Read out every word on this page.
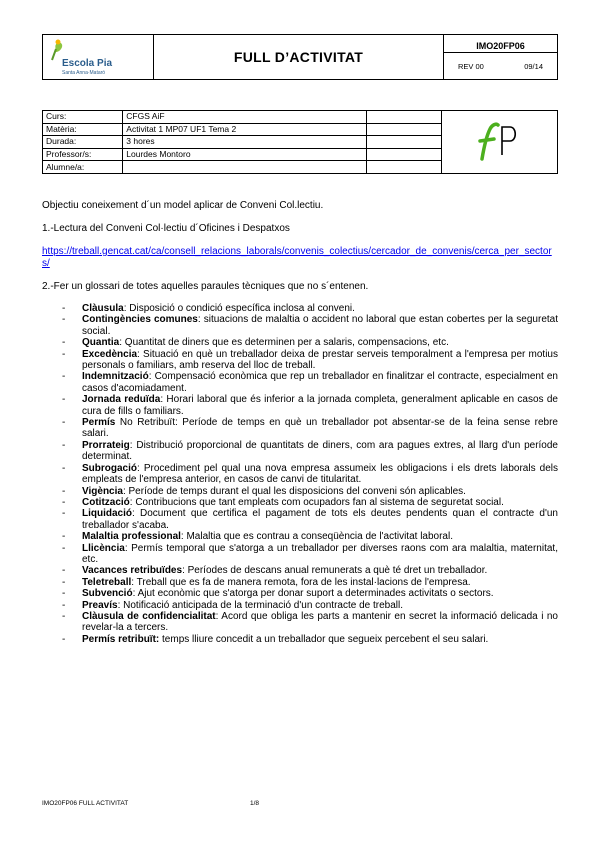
Escola Pia
Santa Anna·Mataró
	FULL D’ACTIVITAT	
IMO20FP06

REV 00	09/14
Curs:	CFGS AiF		

Matèria:	Activitat 1 MP07 UF1 Tema 2		
Durada:	3 hores		
Professor/s:	Lourdes Montoro		
Alumne/a:			

Objectiu coneixement d´un model aplicar de Conveni Col.lectiu.

1.-Lectura del Conveni Col·lectiu d´Oficines i Despatxos

https://treball.gencat.cat/ca/consell_relacions_laborals/convenis_colectius/cercador_de_convenis/cerca_per_sectors/

2.-Fer un glossari de totes aquelles paraules tècniques que no s´entenen.

- Clàusula: Disposició o condició específica inclosa al conveni.
- Contingències comunes: situacions de malaltia o accident no laboral que estan cobertes per la seguretat social.
- Quantia: Quantitat de diners que es determinen per a salaris, compensacions, etc.
- Excedència: Situació en què un treballador deixa de prestar serveis temporalment a l'empresa per motius personals o familiars, amb reserva del lloc de treball.
- Indemnització: Compensació econòmica que rep un treballador en finalitzar el contracte, especialment en casos d'acomiadament.
- Jornada reduïda: Horari laboral que és inferior a la jornada completa, generalment aplicable en casos de cura de fills o familiars.
- Permís No Retribuït: Període de temps en què un treballador pot absentar-se de la feina sense rebre salari.
- Prorrateig: Distribució proporcional de quantitats de diners, com ara pagues extres, al llarg d'un període determinat.
- Subrogació: Procediment pel qual una nova empresa assumeix les obligacions i els drets laborals dels empleats de l'empresa anterior, en casos de canvi de titularitat.
- Vigència: Període de temps durant el qual les disposicions del conveni són aplicables.
- Cotització: Contribucions que tant empleats com ocupadors fan al sistema de seguretat social.
- Liquidació: Document que certifica el pagament de tots els deutes pendents quan el contracte d'un treballador s'acaba.
- Malaltia professional: Malaltia que es contrau a conseqüència de l'activitat laboral.
- Llicència: Permís temporal que s'atorga a un treballador per diverses raons com ara malaltia, maternitat, etc.
- Vacances retribuïdes: Períodes de descans anual remunerats a què té dret un treballador.
- Teletreball: Treball que es fa de manera remota, fora de les instal·lacions de l'empresa.
- Subvenció: Ajut econòmic que s'atorga per donar suport a determinades activitats o sectors.
- Preavís: Notificació anticipada de la terminació d'un contracte de treball.
- Clàusula de confidencialitat: Acord que obliga les parts a mantenir en secret la informació delicada i no revelar-la a tercers.
- Permís retribuït: temps lliure concedit a un treballador que segueix percebent el seu salari.
IMO20FP06 FULL ACTIVITAT	1/8
